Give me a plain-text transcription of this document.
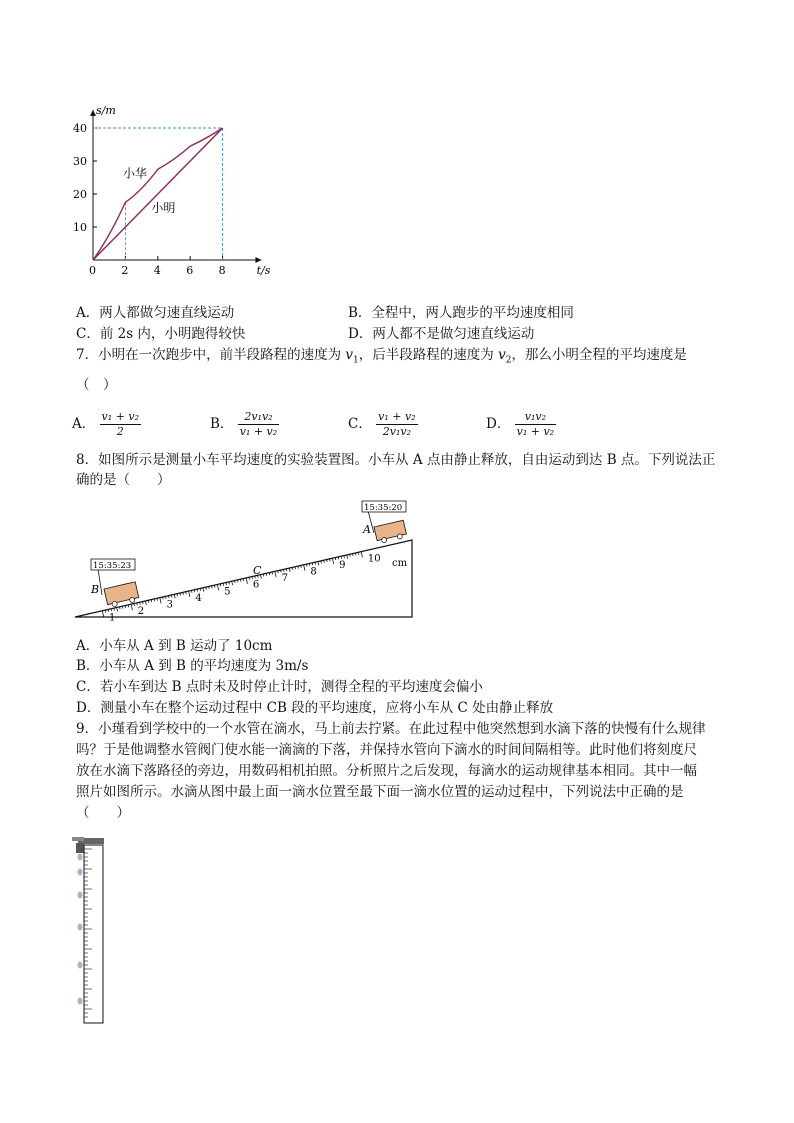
0 2 4 6 8
10
20
30
40
s/m
t/s
小华
小明
A．两人都做匀速直线运动	B．全程中，两人跑步的平均速度相同
C．前 2s 内，小明跑得较快	D．两人都不是做匀速直线运动
7．小明在一次跑步中，前半段路程的速度为 $v_1$，后半段路程的速度为 $v_2$，那么小明全程的平均速度是
（　）
A． $\frac{\text{v₁ + v₂}}{2}$	B． $\frac{\text{2v₁v₂}}{\text{v₁ + v₂}}$	C． $\frac{\text{v₁ + v₂}}{\text{2v₁v₂}}$	D． $\frac{\text{v₁v₂}}{\text{v₁ + v₂}}$
8．如图所示是测量小车平均速度的实验装置图。小车从 A 点由静止释放，自由运动到达 B 点。下列说法正
确的是（　　）
15:35:23
15:35:20
B
A
C
1
2
3
4
5
6
7
8
9
10 cm
A．小车从 A 到 B 运动了 10cm
B．小车从 A 到 B 的平均速度为 3m/s
C．若小车到达 B 点时未及时停止计时，测得全程的平均速度会偏小
D．测量小车在整个运动过程中 CB 段的平均速度，应将小车从 C 处由静止释放
9．小瑾看到学校中的一个水管在滴水，马上前去拧紧。在此过程中他突然想到水滴下落的快慢有什么规律
吗？于是他调整水管阀门使水能一滴滴的下落，并保持水管向下滴水的时间间隔相等。此时他们将刻度尺
放在水滴下落路径的旁边，用数码相机拍照。分析照片之后发现，每滴水的运动规律基本相同。其中一幅
照片如图所示。水滴从图中最上面一滴水位置至最下面一滴水位置的运动过程中，下列说法中正确的是
（　　）
